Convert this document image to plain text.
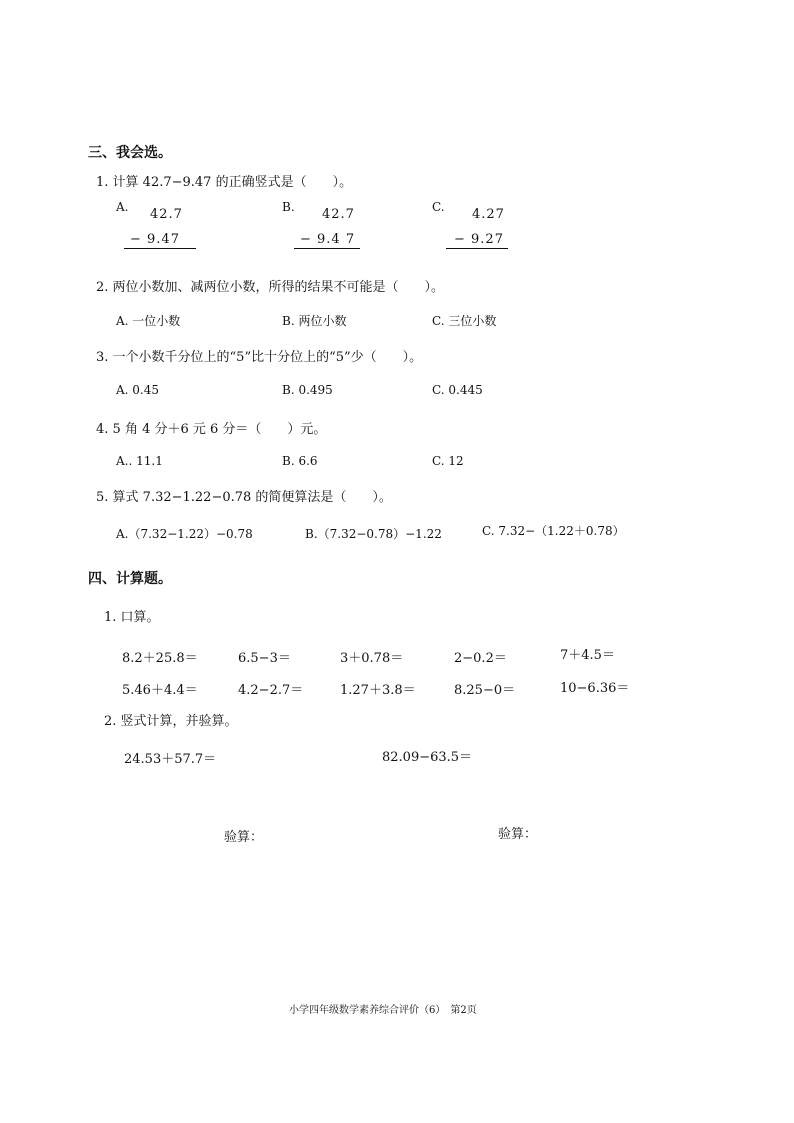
三、我会选。
1. 计算 42.7−9.47 的正确竖式是（　　）。
A. 42.7
− 9.47
B. 42.7
− 9.4 7
C. 4.27
− 9.27
2. 两位小数加、减两位小数，所得的结果不可能是（　　）。
A. 一位小数	B. 两位小数	C. 三位小数
3. 一个小数千分位上的“5”比十分位上的“5”少（　　）。
A. 0.45	B. 0.495	C. 0.445
4. 5 角 4 分＋6 元 6 分＝（　　）元。
A.. 11.1	B. 6.6	C. 12
5. 算式 7.32−1.22−0.78 的简便算法是（　　）。
A.（7.32−1.22）−0.78	B.（7.32−0.78）−1.22	C. 7.32−（1.22＋0.78）
四、计算题。
1. 口算。
8.2＋25.8＝	6.5−3＝	3＋0.78＝	2−0.2＝	7＋4.5＝
5.46＋4.4＝	4.2−2.7＝	1.27＋3.8＝	8.25−0＝	10−6.36＝
2. 竖式计算，并验算。
24.53＋57.7＝	82.09−63.5＝
验算：	验算：
小学四年级数学素养综合评价（6）　第2页
